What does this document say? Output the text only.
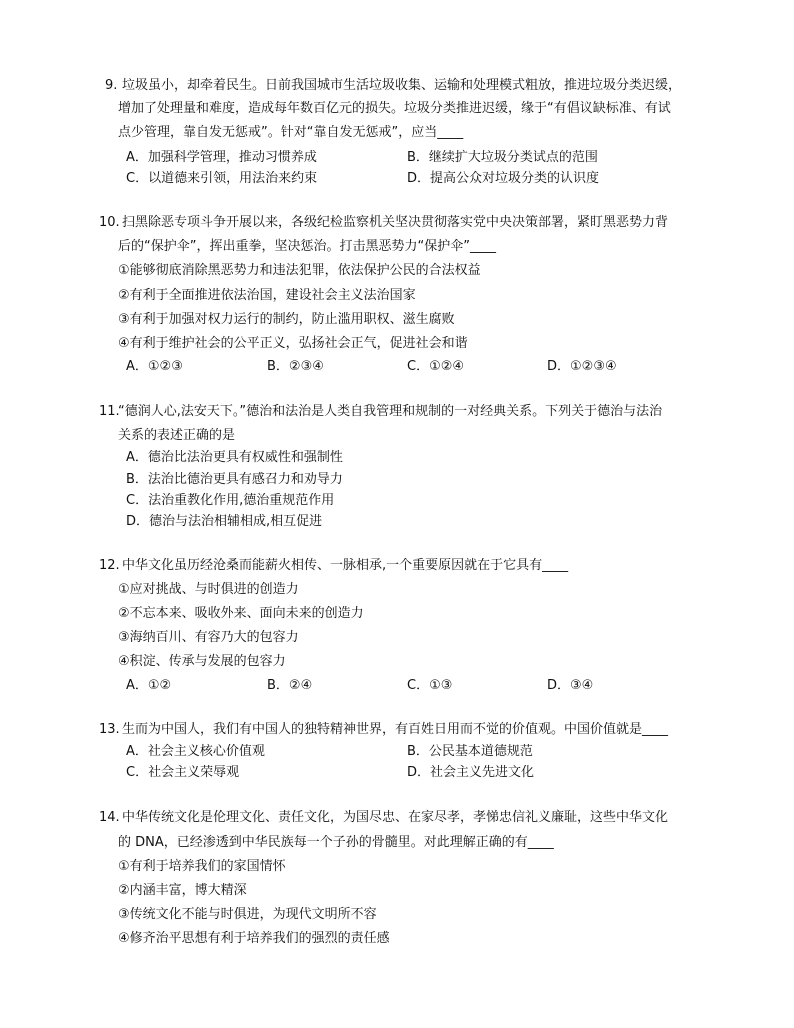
9. 垃圾虽小，却牵着民生。日前我国城市生活垃圾收集、运输和处理模式粗放，推进垃圾分类迟缓，
增加了处理量和难度，造成每年数百亿元的损失。垃圾分类推进迟缓，缘于“有倡议缺标准、有试
点少管理，靠自发无惩戒”。针对“靠自发无惩戒”，应当____
A．加强科学管理，推动习惯养成	B．继续扩大垃圾分类试点的范围
C．以道德来引领，用法治来约束	D．提高公众对垃圾分类的认识度
10. 扫黑除恶专项斗争开展以来，各级纪检监察机关坚决贯彻落实党中央决策部署，紧盯黑恶势力背
后的“保护伞”，挥出重拳，坚决惩治。打击黑恶势力“保护伞”____
①能够彻底消除黑恶势力和违法犯罪，依法保护公民的合法权益
②有利于全面推进依法治国，建设社会主义法治国家
③有利于加强对权力运行的制约，防止滥用职权、滋生腐败
④有利于维护社会的公平正义，弘扬社会正气，促进社会和谐
A．①②③	B．②③④	C．①②④	D．①②③④
11.
“德润人心,法安天下。”德治和法治是人类自我管理和规制的一对经典关系。下列关于德治与法治
关系的表述正确的是
A．德治比法治更具有权威性和强制性
B．法治比德治更具有感召力和劝导力
C．法治重教化作用,德治重规范作用
D．德治与法治相辅相成,相互促进
12. 中华文化虽历经沧桑而能薪火相传、一脉相承,一个重要原因就在于它具有____
①应对挑战、与时俱进的创造力
②不忘本来、吸收外来、面向未来的创造力
③海纳百川、有容乃大的包容力
④积淀、传承与发展的包容力
A．①②	B．②④	C．①③	D．③④
13. 生而为中国人，我们有中国人的独特精神世界，有百姓日用而不觉的价值观。中国价值就是____
A．社会主义核心价值观	B．公民基本道德规范
C．社会主义荣辱观	D．社会主义先进文化
14. 中华传统文化是伦理文化、责任文化，为国尽忠、在家尽孝，孝悌忠信礼义廉耻，这些中华文化
的 DNA，已经渗透到中华民族每一个子孙的骨髓里。对此理解正确的有____
①有利于培养我们的家国情怀
②内涵丰富，博大精深
③传统文化不能与时俱进，为现代文明所不容
④修齐治平思想有利于培养我们的强烈的责任感
